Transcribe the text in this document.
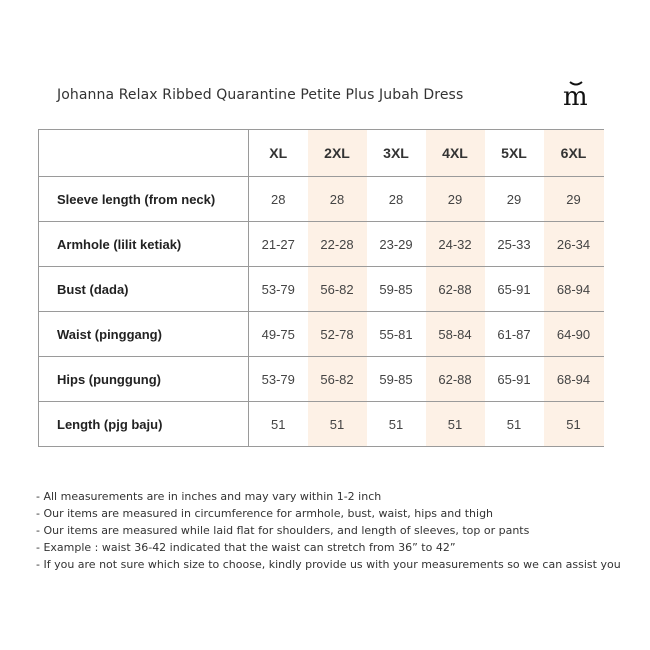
Johanna Relax Ribbed Quarantine Petite Plus Jubah Dress	m
	XL	2XL	3XL	4XL	5XL	6XL
Sleeve length (from neck)	28	28	28	29	29	29
Armhole (lilit ketiak)	21-27	22-28	23-29	24-32	25-33	26-34
Bust (dada)	53-79	56-82	59-85	62-88	65-91	68-94
Waist (pinggang)	49-75	52-78	55-81	58-84	61-87	64-90
Hips (punggung)	53-79	56-82	59-85	62-88	65-91	68-94
Length (pjg baju)	51	51	51	51	51	51
- All measurements are in inches and may vary within 1-2 inch
- Our items are measured in circumference for armhole, bust, waist, hips and thigh
- Our items are measured while laid flat for shoulders, and length of sleeves, top or pants
- Example : waist 36-42 indicated that the waist can stretch from 36” to 42”
- If you are not sure which size to choose, kindly provide us with your measurements so we can assist you
